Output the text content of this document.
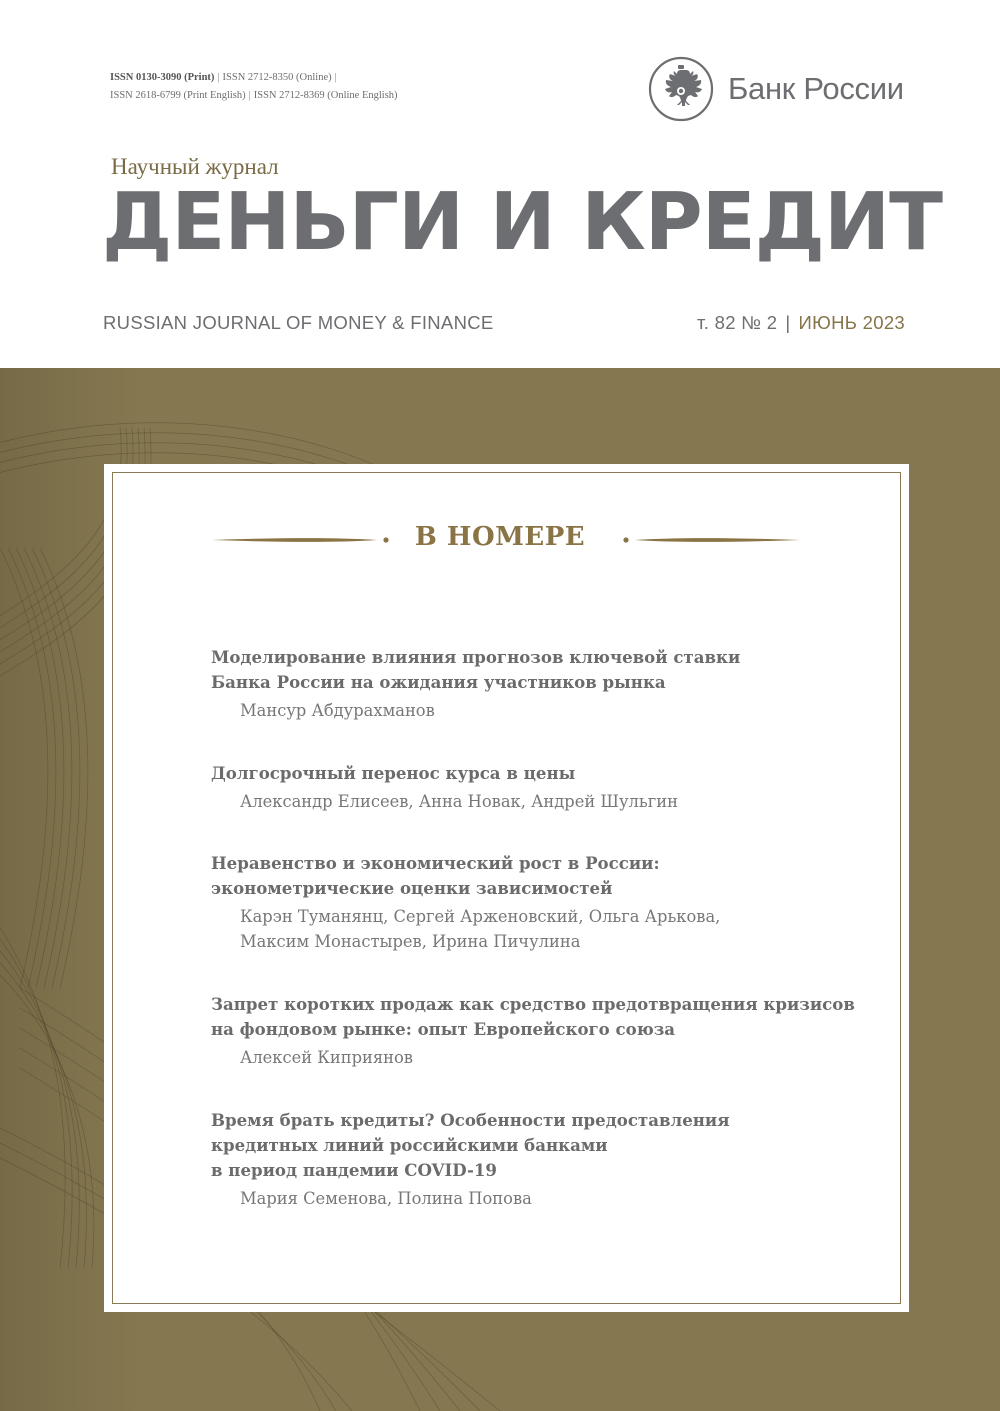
ISSN 0130-3090 (Print) | ISSN 2712-8350 (Online) |
ISSN 2618-6799 (Print English) | ISSN 2712-8369 (Online English)	Банк России
Научный журнал
ДЕНЬГИ И КРЕДИТ
RUSSIAN JOURNAL OF MONEY & FINANCE	т. 82 № 2 | ИЮНЬ 2023
В НОМЕРЕ
Моделирование влияния прогнозов ключевой ставки
Банка России на ожидания участников рынка
Мансур Абдурахманов
Долгосрочный перенос курса в цены
Александр Елисеев, Анна Новак, Андрей Шульгин
Неравенство и экономический рост в России:
эконометрические оценки зависимостей
Карэн Туманянц, Сергей Арженовский, Ольга Арькова,
Максим Монастырев, Ирина Пичулина
Запрет коротких продаж как средство предотвращения кризисов
на фондовом рынке: опыт Европейского союза
Алексей Киприянов
Время брать кредиты? Особенности предоставления
кредитных линий российскими банками
в период пандемии COVID-19
Мария Семенова, Полина Попова
